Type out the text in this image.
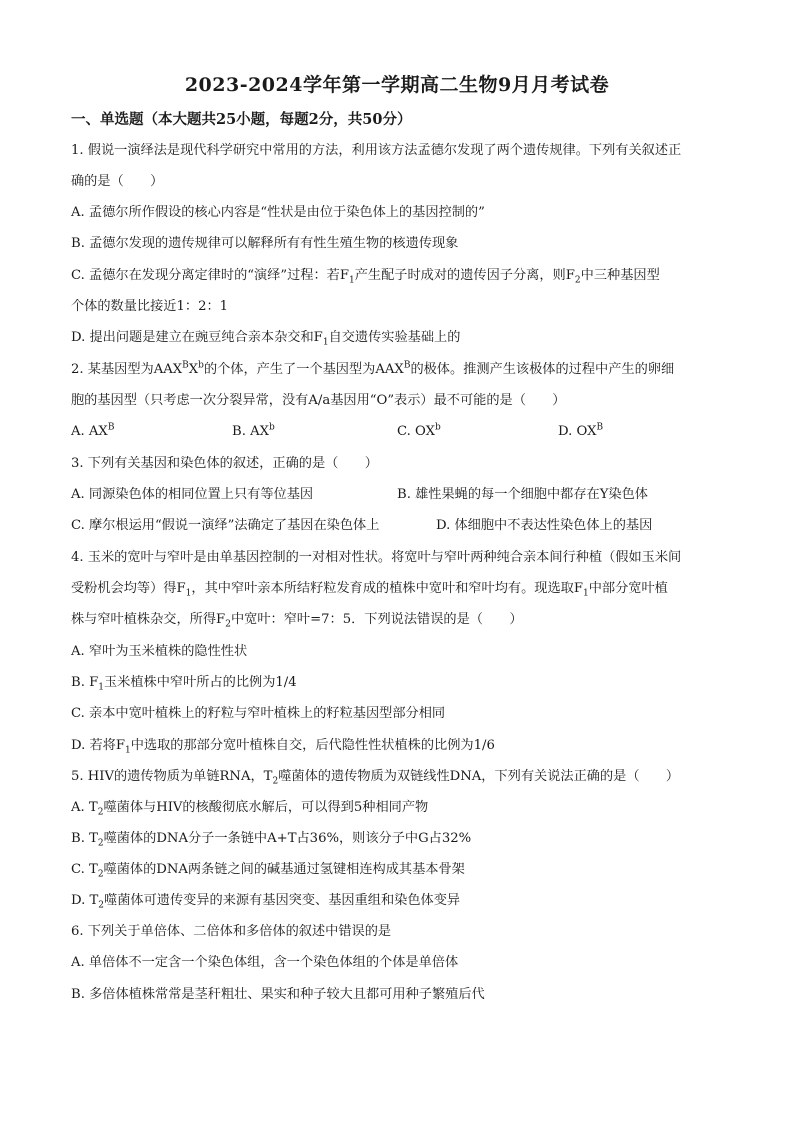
2023-2024学年第一学期高二生物9月月考试卷
一、单选题（本大题共25小题，每题2分，共50分）
1. 假说一演绎法是现代科学研究中常用的方法，利用该方法孟德尔发现了两个遗传规律。下列有关叙述正
确的是（　　）
A. 孟德尔所作假设的核心内容是“性状是由位于染色体上的基因控制的”
B. 孟德尔发现的遗传规律可以解释所有有性生殖生物的核遗传现象
C. 孟德尔在发现分离定律时的“演绎”过程：若$F_1$产生配子时成对的遗传因子分离，则$F_2$中三种基因型
个体的数量比接近1：2：1
D. 提出问题是建立在豌豆纯合亲本杂交和$F_1$自交遗传实验基础上的
2. 某基因型为$AAX^BX^b$的个体，产生了一个基因型为$AAX^B$的极体。推测产生该极体的过程中产生的卵细
胞的基因型（只考虑一次分裂异常，没有A/a基因用“O”表示）最不可能的是（　　）
A. $AX^B$	B. $AX^b$	C. $OX^b$	D. $OX^B$
3. 下列有关基因和染色体的叙述，正确的是（　　）
A. 同源染色体的相同位置上只有等位基因	B. 雄性果蝇的每一个细胞中都存在Y染色体
C. 摩尔根运用“假说一演绎”法确定了基因在染色体上	D. 体细胞中不表达性染色体上的基因
4. 玉米的宽叶与窄叶是由单基因控制的一对相对性状。将宽叶与窄叶两种纯合亲本间行种植（假如玉米间
受粉机会均等）得$F_1$，其中窄叶亲本所结籽粒发育成的植株中宽叶和窄叶均有。现选取$F_1$中部分宽叶植
株与窄叶植株杂交，所得$F_2$中宽叶：窄叶=7：5．下列说法错误的是（　　）
A. 窄叶为玉米植株的隐性性状
B. $F_1$玉米植株中窄叶所占的比例为1/4
C. 亲本中宽叶植株上的籽粒与窄叶植株上的籽粒基因型部分相同
D. 若将$F_1$中选取的那部分宽叶植株自交，后代隐性性状植株的比例为1/6
5. HIV的遗传物质为单链RNA，$T_2$噬菌体的遗传物质为双链线性DNA，下列有关说法正确的是（　　）
A. $T_2$噬菌体与HIV的核酸彻底水解后，可以得到5种相同产物
B. $T_2$噬菌体的DNA分子一条链中A+T占36%，则该分子中G占32%
C. $T_2$噬菌体的DNA两条链之间的碱基通过氢键相连构成其基本骨架
D. $T_2$噬菌体可遗传变异的来源有基因突变、基因重组和染色体变异
6. 下列关于单倍体、二倍体和多倍体的叙述中错误的是
A. 单倍体不一定含一个染色体组，含一个染色体组的个体是单倍体
B. 多倍体植株常常是茎秆粗壮、果实和种子较大且都可用种子繁殖后代
